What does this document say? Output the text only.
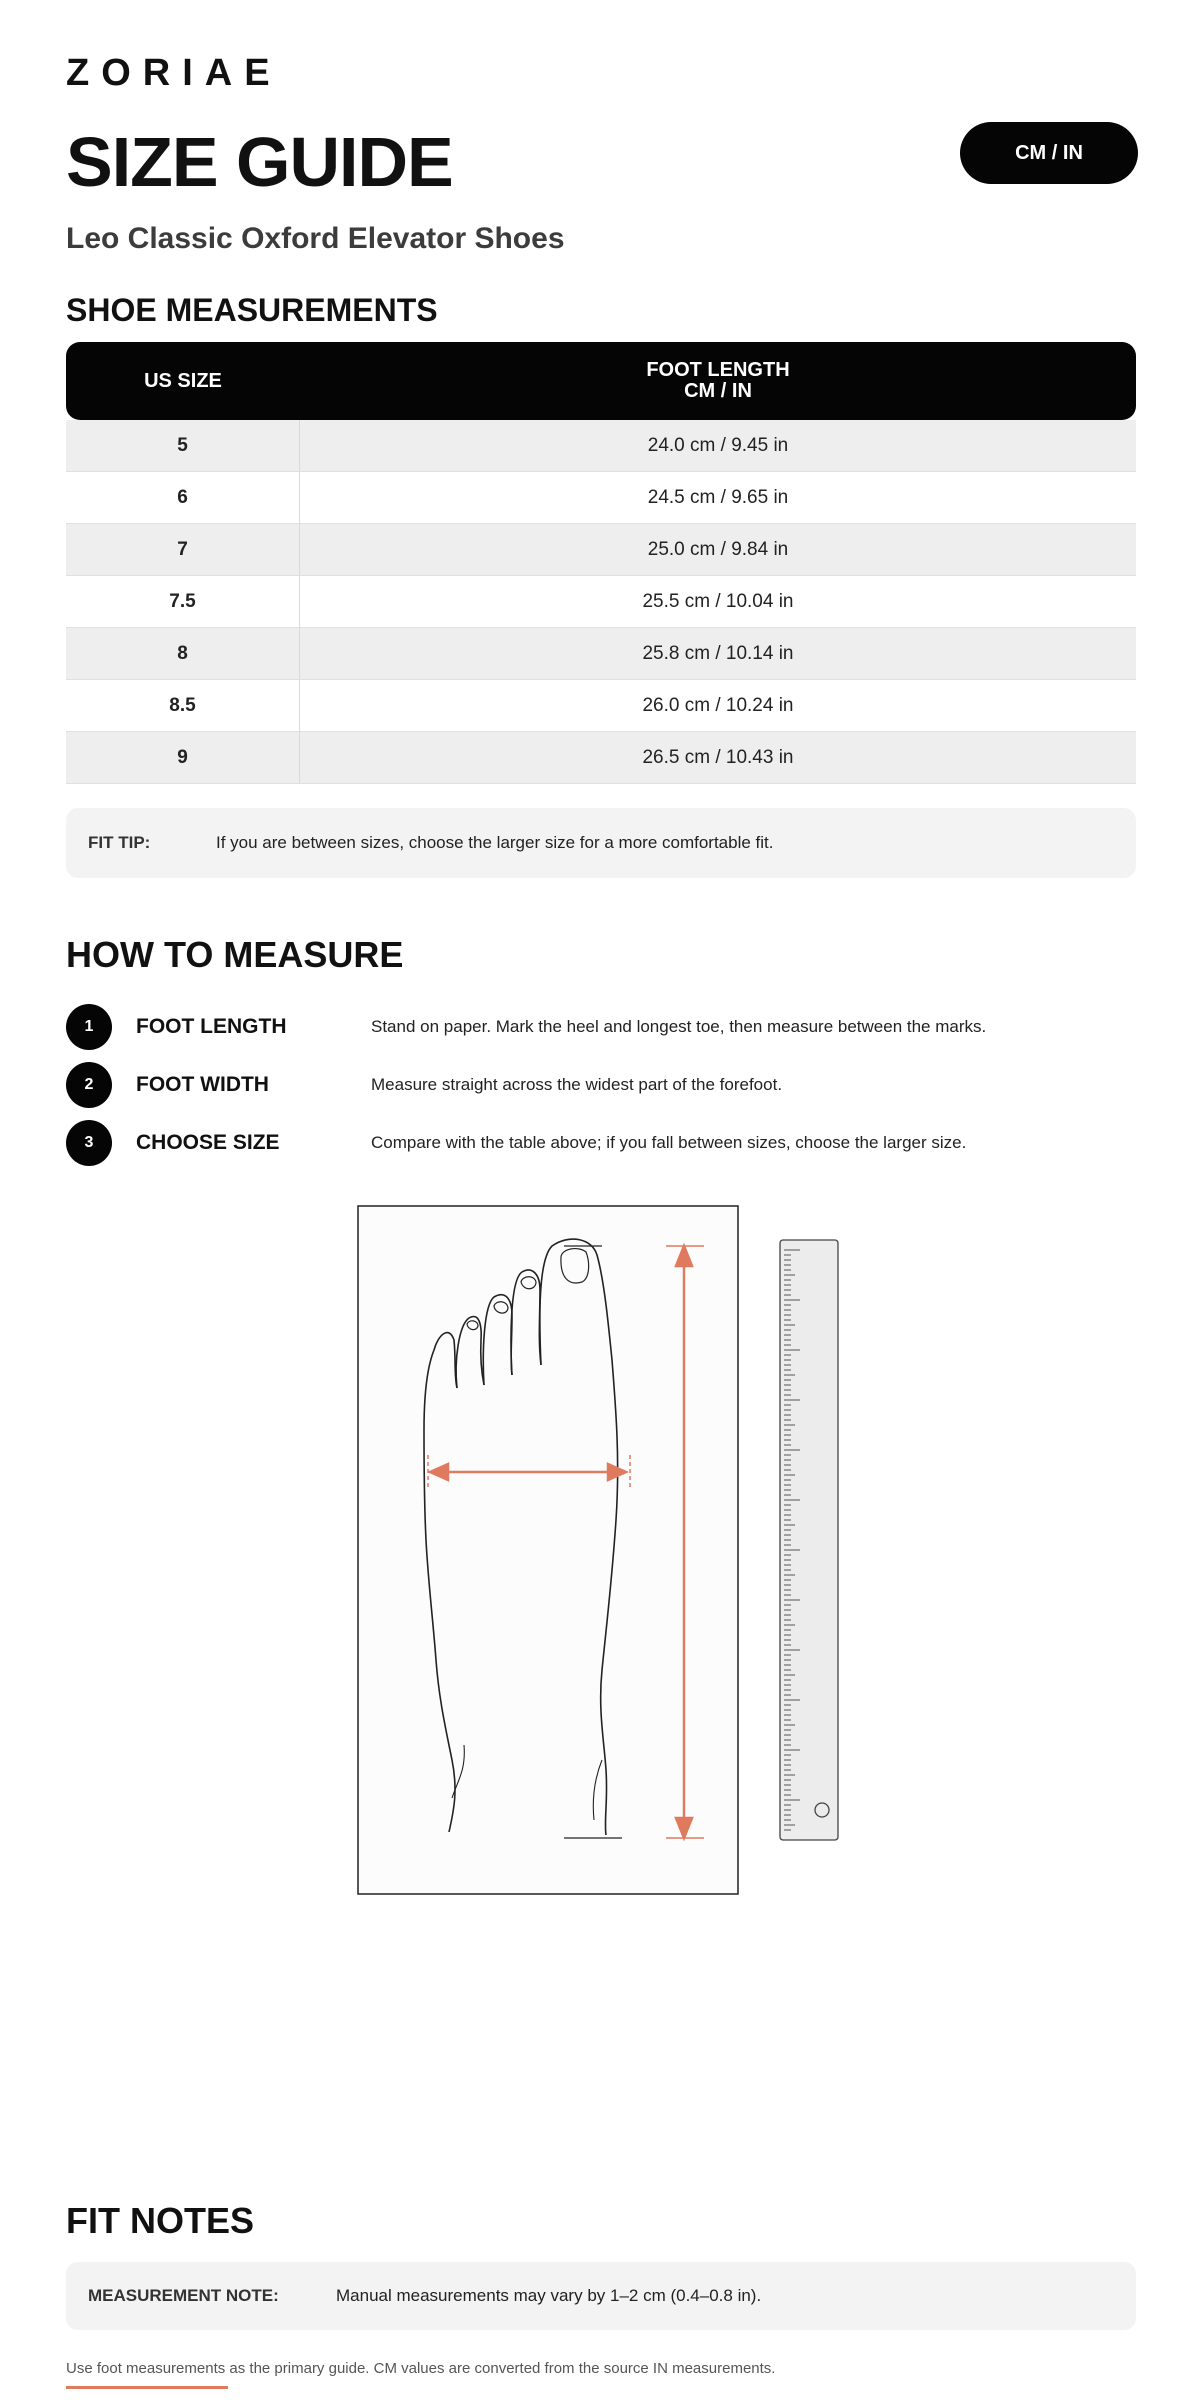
ZORIAE
SIZE GUIDE	CM / IN
Leo Classic Oxford Elevator Shoes
SHOE MEASUREMENTS
US SIZE	FOOT LENGTH
CM / IN
5	24.0 cm / 9.45 in
6	24.5 cm / 9.65 in
7	25.0 cm / 9.84 in
7.5	25.5 cm / 10.04 in
8	25.8 cm / 10.14 in
8.5	26.0 cm / 10.24 in
9	26.5 cm / 10.43 in
FIT TIP:	If you are between sizes, choose the larger size for a more comfortable fit.
HOW TO MEASURE
1	FOOT LENGTH	Stand on paper. Mark the heel and longest toe, then measure between the marks.
2	FOOT WIDTH	Measure straight across the widest part of the forefoot.
3	CHOOSE SIZE	Compare with the table above; if you fall between sizes, choose the larger size.
FIT NOTES
MEASUREMENT NOTE:	Manual measurements may vary by 1–2 cm (0.4–0.8 in).
Use foot measurements as the primary guide. CM values are converted from the source IN measurements.
